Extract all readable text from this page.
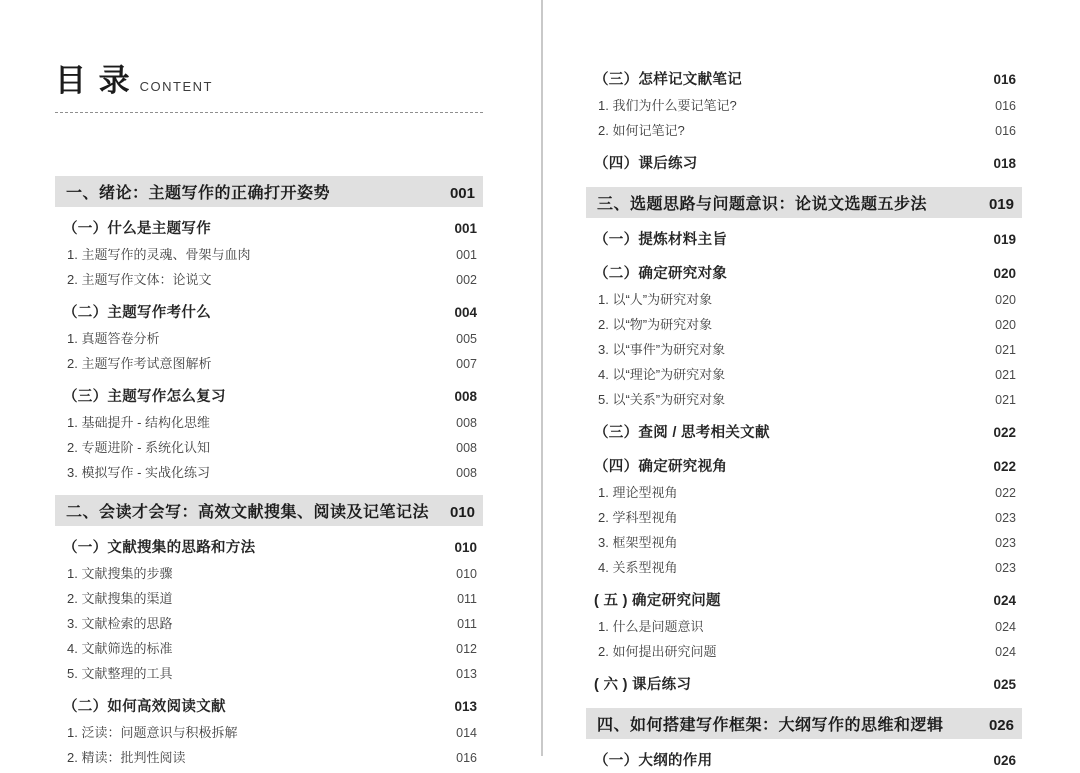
目 录 CONTENT
一、绪论：主题写作的正确打开姿势	001
（一）什么是主题写作	001
1. 主题写作的灵魂、骨架与血肉	001
2. 主题写作文体：论说文	002
（二）主题写作考什么	004
1. 真题答卷分析	005
2. 主题写作考试意图解析	007
（三）主题写作怎么复习	008
1. 基础提升 - 结构化思维	008
2. 专题进阶 - 系统化认知	008
3. 模拟写作 - 实战化练习	008
二、会读才会写：高效文献搜集、阅读及记笔记法 010
（一）文献搜集的思路和方法	010
1. 文献搜集的步骤	010
2. 文献搜集的渠道	011
3. 文献检索的思路	011
4. 文献筛选的标准	012
5. 文献整理的工具	013
（二）如何高效阅读文献	013
1. 泛读：问题意识与积极拆解	014
2. 精读：批判性阅读	016
（三）怎样记文献笔记	016
1. 我们为什么要记笔记?	016
2. 如何记笔记?	016
（四）课后练习	018
三、选题思路与问题意识：论说文选题五步法	019
（一）提炼材料主旨	019
（二）确定研究对象	020
1. 以“人”为研究对象	020
2. 以“物”为研究对象	020
3. 以“事件”为研究对象	021
4. 以“理论”为研究对象	021
5. 以“关系”为研究对象	021
（三）查阅 / 思考相关文献	022
（四）确定研究视角	022
1. 理论型视角	022
2. 学科型视角	023
3. 框架型视角	023
4. 关系型视角	023
( 五 ) 确定研究问题	024
1. 什么是问题意识	024
2. 如何提出研究问题	024
( 六 ) 课后练习	025
四、如何搭建写作框架：大纲写作的思维和逻辑	026
（一）大纲的作用	026
